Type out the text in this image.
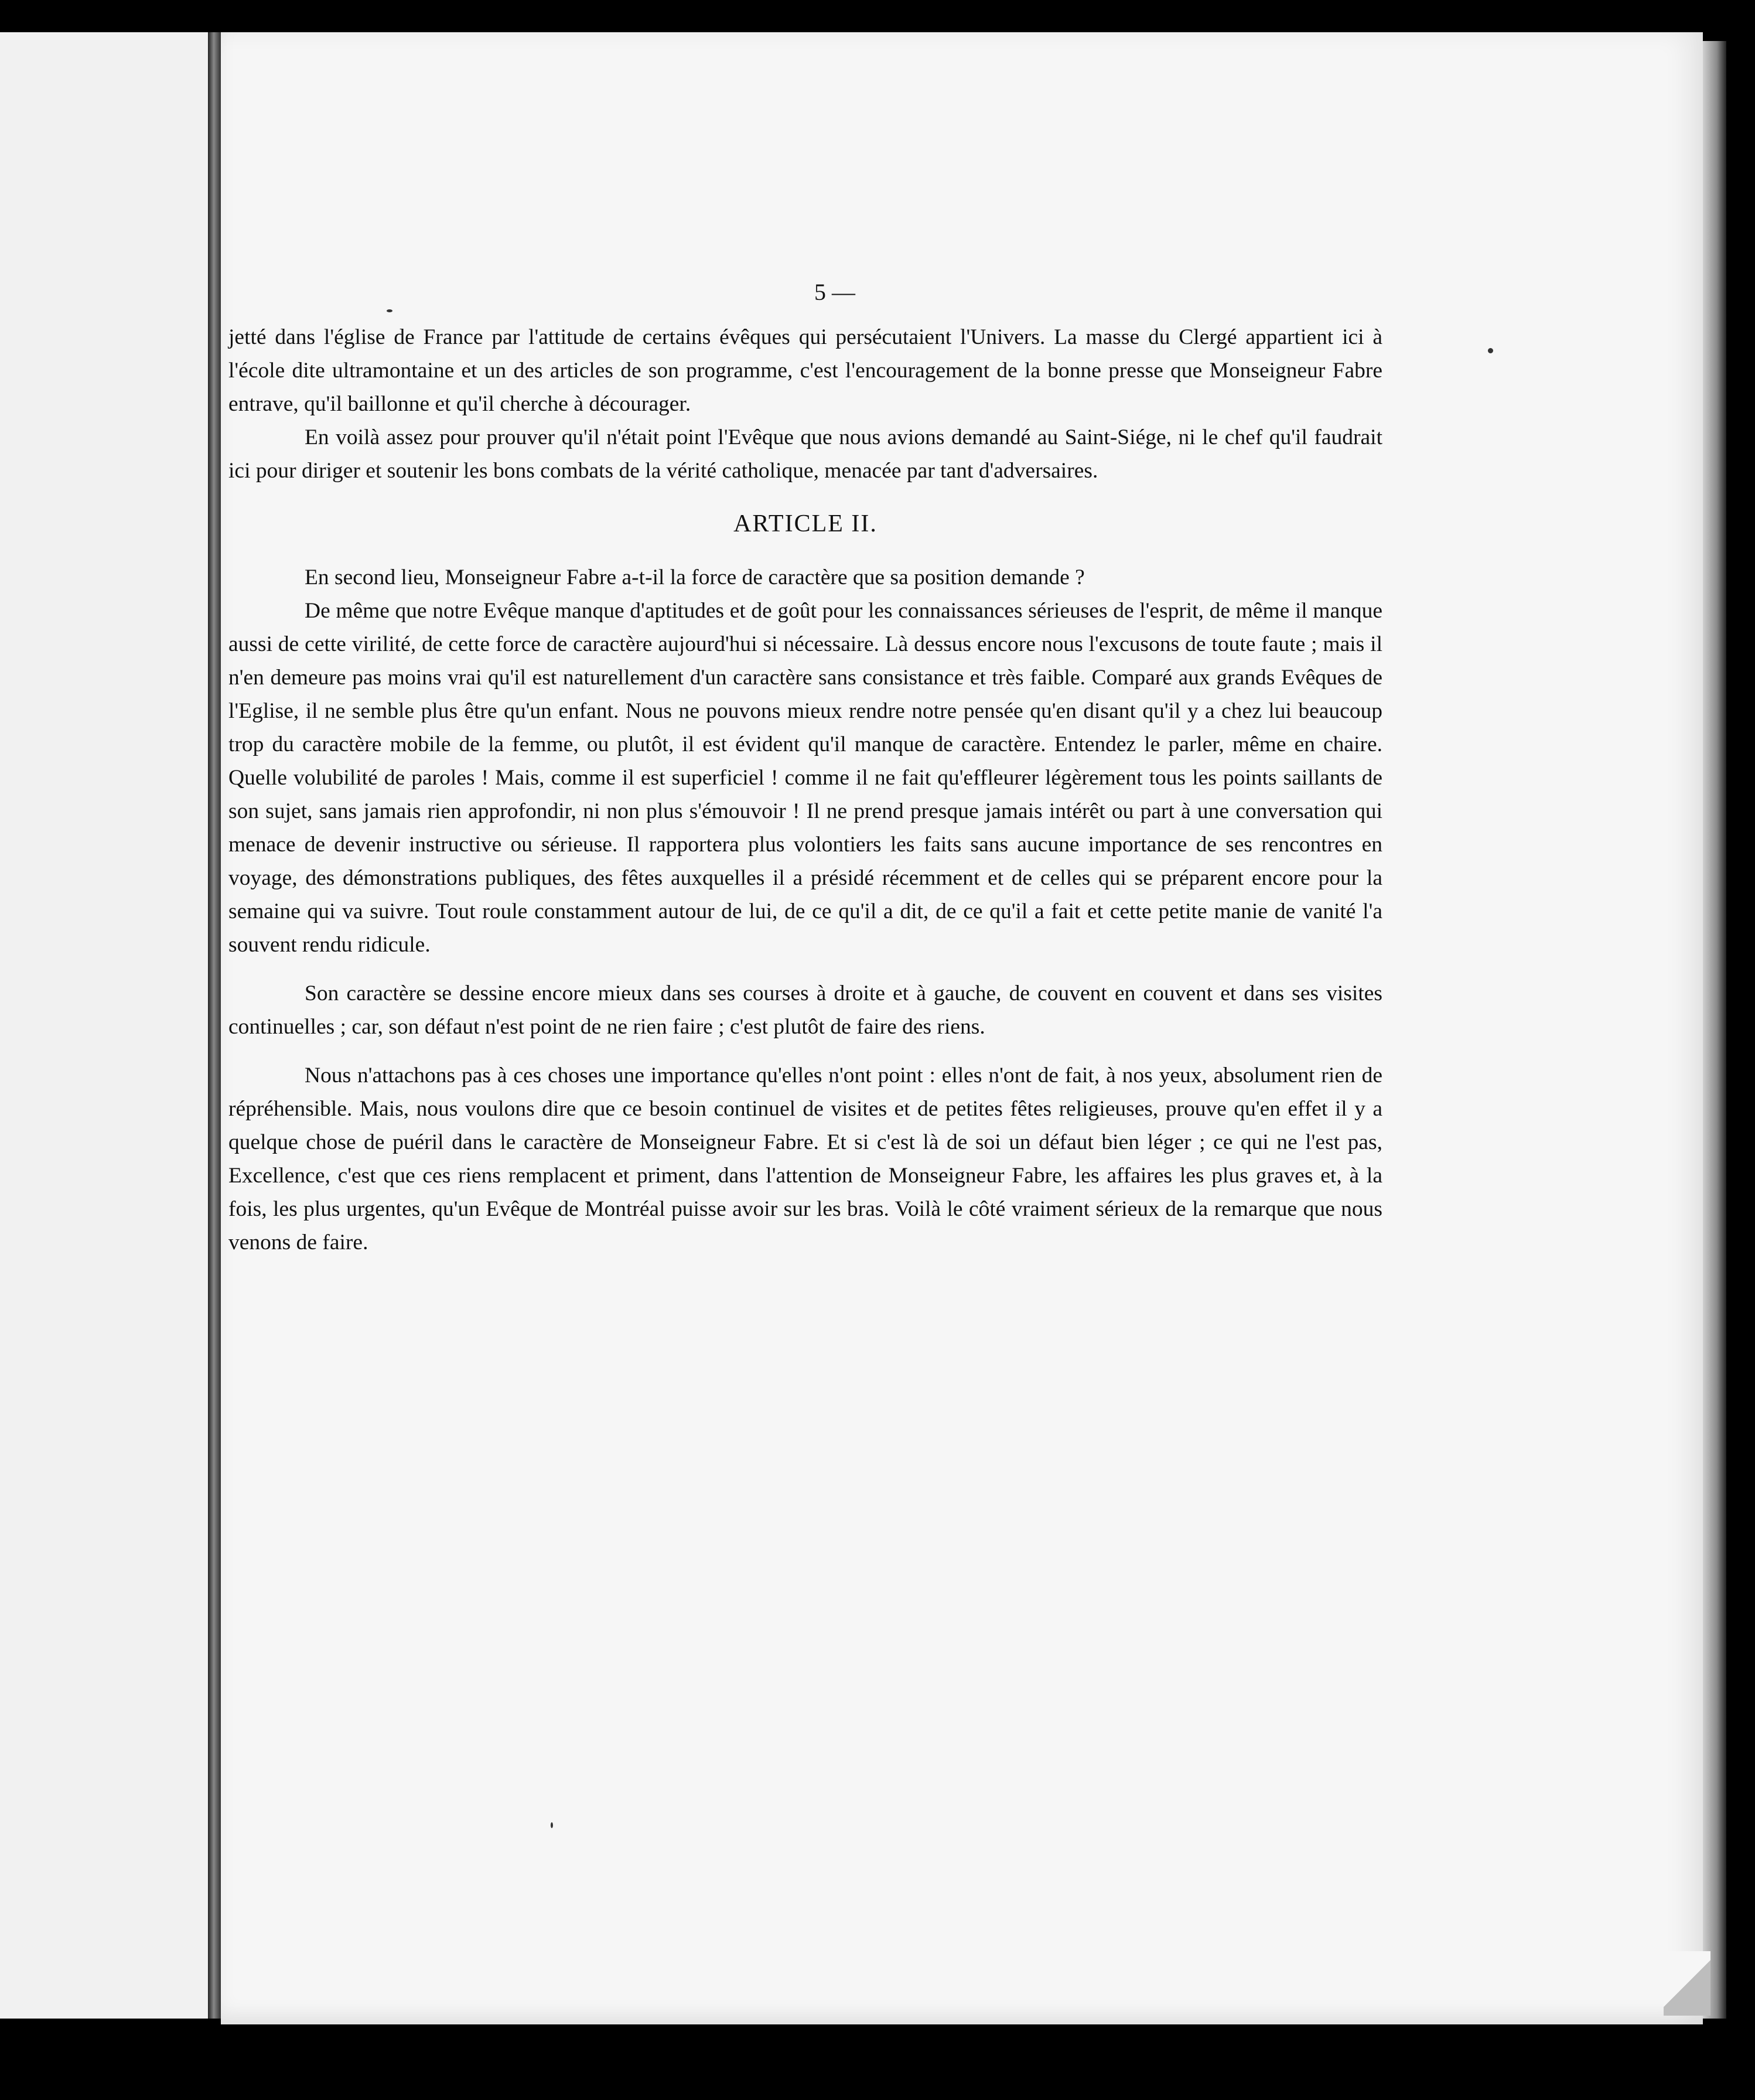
5 —

jetté dans l'église de France par l'attitude de certains évêques qui persécutaient l'Univers. La masse du Clergé appartient ici à l'école dite ultramontaine et un des articles de son programme, c'est l'encouragement de la bonne presse que Monseigneur Fabre entrave, qu'il baillonne et qu'il cherche à décourager.

En voilà assez pour prouver qu'il n'était point l'Evêque que nous avions demandé au Saint-Siége, ni le chef qu'il faudrait ici pour diriger et soutenir les bons combats de la vérité catholique, menacée par tant d'adversaires.

ARTICLE II.

En second lieu, Monseigneur Fabre a-t-il la force de caractère que sa position demande ?

De même que notre Evêque manque d'aptitudes et de goût pour les connaissances sérieuses de l'esprit, de même il manque aussi de cette virilité, de cette force de caractère aujourd'hui si nécessaire. Là dessus encore nous l'excusons de toute faute ; mais il n'en demeure pas moins vrai qu'il est naturellement d'un caractère sans consistance et très faible. Comparé aux grands Evêques de l'Eglise, il ne semble plus être qu'un enfant. Nous ne pouvons mieux rendre notre pensée qu'en disant qu'il y a chez lui beaucoup trop du caractère mobile de la femme, ou plutôt, il est évident qu'il manque de caractère. Entendez le parler, même en chaire. Quelle volubilité de paroles ! Mais, comme il est superficiel ! comme il ne fait qu'effleurer légèrement tous les points saillants de son sujet, sans jamais rien approfondir, ni non plus s'émouvoir ! Il ne prend presque jamais intérêt ou part à une conversation qui menace de devenir instructive ou sérieuse. Il rapportera plus volontiers les faits sans aucune importance de ses rencontres en voyage, des démonstrations publiques, des fêtes auxquelles il a présidé récemment et de celles qui se préparent encore pour la semaine qui va suivre. Tout roule constamment autour de lui, de ce qu'il a dit, de ce qu'il a fait et cette petite manie de vanité l'a souvent rendu ridicule.

Son caractère se dessine encore mieux dans ses courses à droite et à gauche, de couvent en couvent et dans ses visites continuelles ; car, son défaut n'est point de ne rien faire ; c'est plutôt de faire des riens.

Nous n'attachons pas à ces choses une importance qu'elles n'ont point : elles n'ont de fait, à nos yeux, absolument rien de répréhensible. Mais, nous voulons dire que ce besoin continuel de visites et de petites fêtes religieuses, prouve qu'en effet il y a quelque chose de puéril dans le caractère de Monseigneur Fabre. Et si c'est là de soi un défaut bien léger ; ce qui ne l'est pas, Excellence, c'est que ces riens remplacent et priment, dans l'attention de Monseigneur Fabre, les affaires les plus graves et, à la fois, les plus urgentes, qu'un Evêque de Montréal puisse avoir sur les bras. Voilà le côté vraiment sérieux de la remarque que nous venons de faire.
